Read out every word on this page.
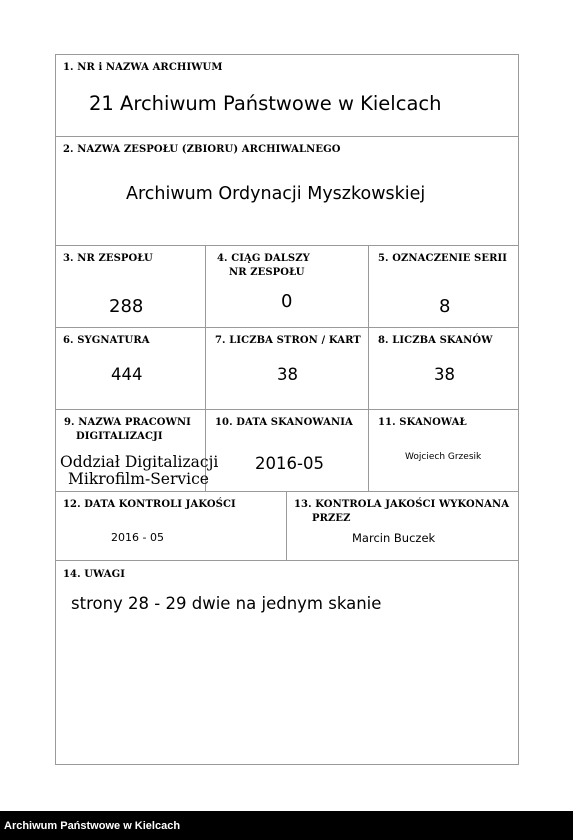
1. NR i NAZWA ARCHIWUM
21 Archiwum Państwowe w Kielcach
2. NAZWA ZESPOŁU (ZBIORU) ARCHIWALNEGO
Archiwum Ordynacji Myszkowskiej
3. NR ZESPOŁU
288
4. CIĄG DALSZY
NR ZESPOŁU
0
5. OZNACZENIE SERII
8
6. SYGNATURA
444
7. LICZBA STRON / KART
38
8. LICZBA SKANÓW
38
9. NAZWA PRACOWNI
DIGITALIZACJI
Oddział Digitalizacji
Mikrofilm-Service
10. DATA SKANOWANIA
2016-05
11. SKANOWAŁ
Wojciech Grzesik
12. DATA KONTROLI JAKOŚCI
2016 - 05
13. KONTROLA JAKOŚCI WYKONANA
PRZEZ
Marcin Buczek
14. UWAGI
strony 28 - 29 dwie na jednym skanie
Archiwum Państwowe w Kielcach
